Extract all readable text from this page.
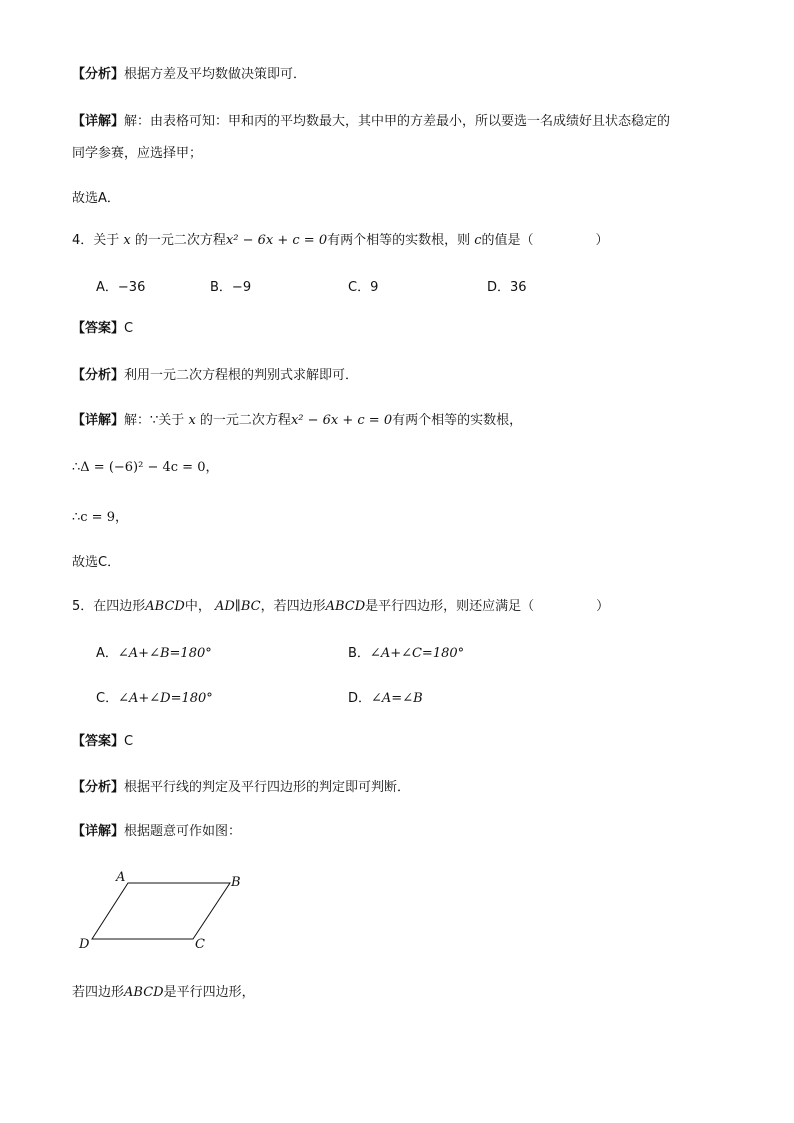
【分析】根据方差及平均数做决策即可．
【详解】解：由表格可知：甲和丙的平均数最大，其中甲的方差最小，所以要选一名成绩好且状态稳定的
同学参赛，应选择甲；
故选A．
4．关于 x 的一元二次方程x² − 6x + c = 0有两个相等的实数根，则 c的值是（	）
A．−36	B．−9	C．9	D．36
【答案】C
【分析】利用一元二次方程根的判别式求解即可．
【详解】解：∵关于 x 的一元二次方程x² − 6x + c = 0有两个相等的实数根，
∴Δ = (−6)² − 4c = 0，
∴c = 9，
故选C．
5．在四边形ABCD中， AD∥BC，若四边形ABCD是平行四边形，则还应满足（	）
A．∠A+∠B=180°	B．∠A+∠C=180°
C．∠A+∠D=180°	D．∠A=∠B
【答案】C
【分析】根据平行线的判定及平行四边形的判定即可判断．
【详解】根据题意可作如图：
A	B
C
D
若四边形ABCD是平行四边形，
